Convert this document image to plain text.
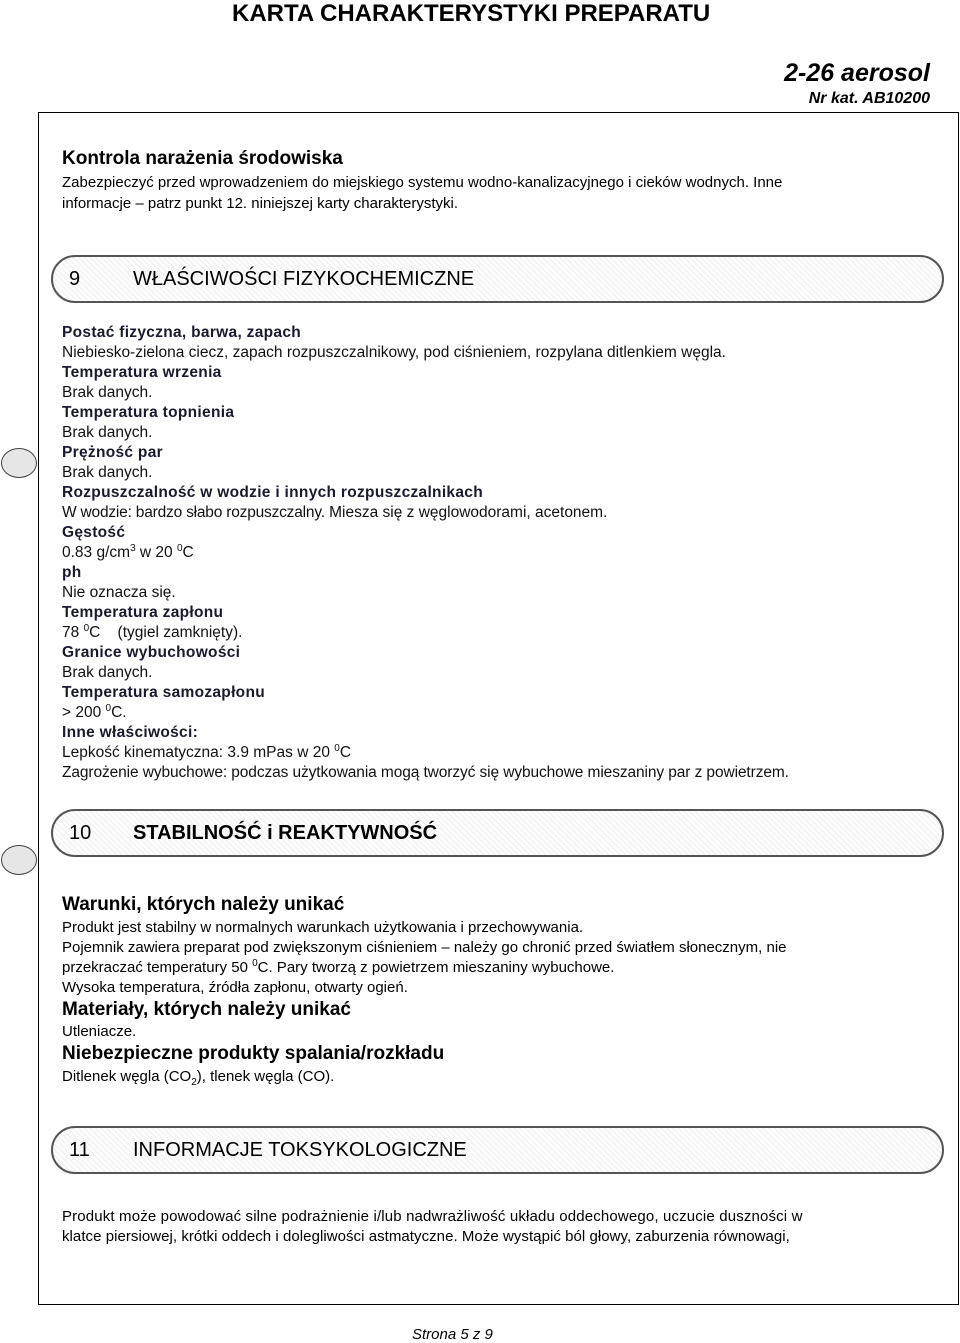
KARTA CHARAKTERYSTYKI PREPARATU
2-26 aerosol
Nr kat. AB10200
Kontrola narażenia środowiska
Zabezpieczyć przed wprowadzeniem do miejskiego systemu wodno-kanalizacyjnego i cieków wodnych. Inne
informacje – patrz punkt 12. niniejszej karty charakterystyki.
9	WŁAŚCIWOŚCI FIZYKOCHEMICZNE
Postać fizyczna, barwa, zapach
Niebiesko-zielona ciecz, zapach rozpuszczalnikowy, pod ciśnieniem, rozpylana ditlenkiem węgla.
Temperatura wrzenia
Brak danych.
Temperatura topnienia
Brak danych.
Prężność par
Brak danych.
Rozpuszczalność w wodzie i innych rozpuszczalnikach
W wodzie: bardzo słabo rozpuszczalny. Miesza się z węglowodorami, acetonem.
Gęstość
0.83 $g/cm^3$ w 20 $^0$C
ph
Nie oznacza się.
Temperatura zapłonu
78 $^0$C    (tygiel zamknięty).
Granice wybuchowości
Brak danych.
Temperatura samozapłonu
> 200 $^0$C.
Inne właściwości:
Lepkość kinematyczna: 3.9 mPas w 20 $^0$C
Zagrożenie wybuchowe: podczas użytkowania mogą tworzyć się wybuchowe mieszaniny par z powietrzem.
10 STABILNOŚĆ i REAKTYWNOŚĆ
Warunki, których należy unikać
Produkt jest stabilny w normalnych warunkach użytkowania i przechowywania.
Pojemnik zawiera preparat pod zwiększonym ciśnieniem – należy go chronić przed światłem słonecznym, nie
przekraczać temperatury 50 $^0$C. Pary tworzą z powietrzem mieszaniny wybuchowe.
Wysoka temperatura, źródła zapłonu, otwarty ogień.
Materiały, których należy unikać
Utleniacze.
Niebezpieczne produkty spalania/rozkładu
Ditlenek węgla $(CO_2)$, tlenek węgla (CO).
11 INFORMACJE TOKSYKOLOGICZNE
Produkt może powodować silne podrażnienie i/lub nadwrażliwość układu oddechowego, uczucie duszności w
klatce piersiowej, krótki oddech i dolegliwości astmatyczne. Może wystąpić ból głowy, zaburzenia równowagi,
Strona 5 z 9
